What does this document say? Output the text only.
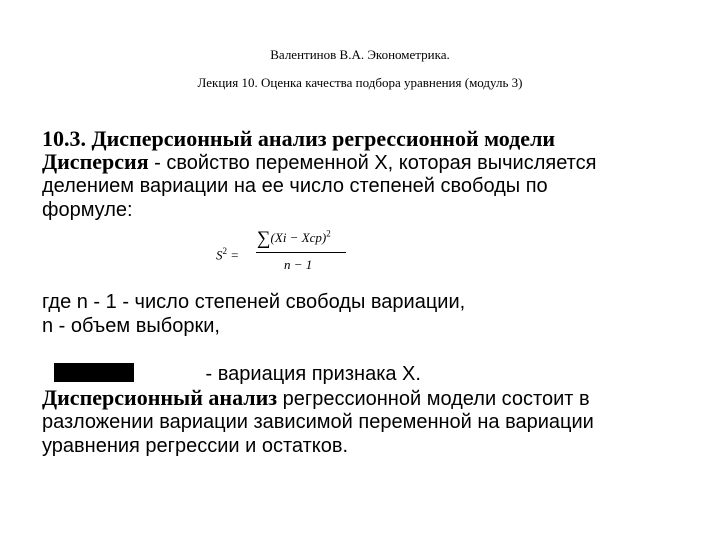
Валентинов В.А. Эконометрика.
Лекция 10. Оценка качества подбора уравнения (модуль 3)
10.3. Дисперсионный анализ регрессионной модели
Дисперсия - свойство переменной X, которая вычисляется
делением вариации на ее число степеней свободы по
формуле:
$S^2$ =
∑(Xi − Xcp)$^2$
n − 1
где n - 1 - число степеней свободы вариации,
n - объем выборки,
- вариация признака X.
Дисперсионный анализ регрессионной модели состоит в
разложении вариации зависимой переменной на вариации
уравнения регрессии и остатков.
